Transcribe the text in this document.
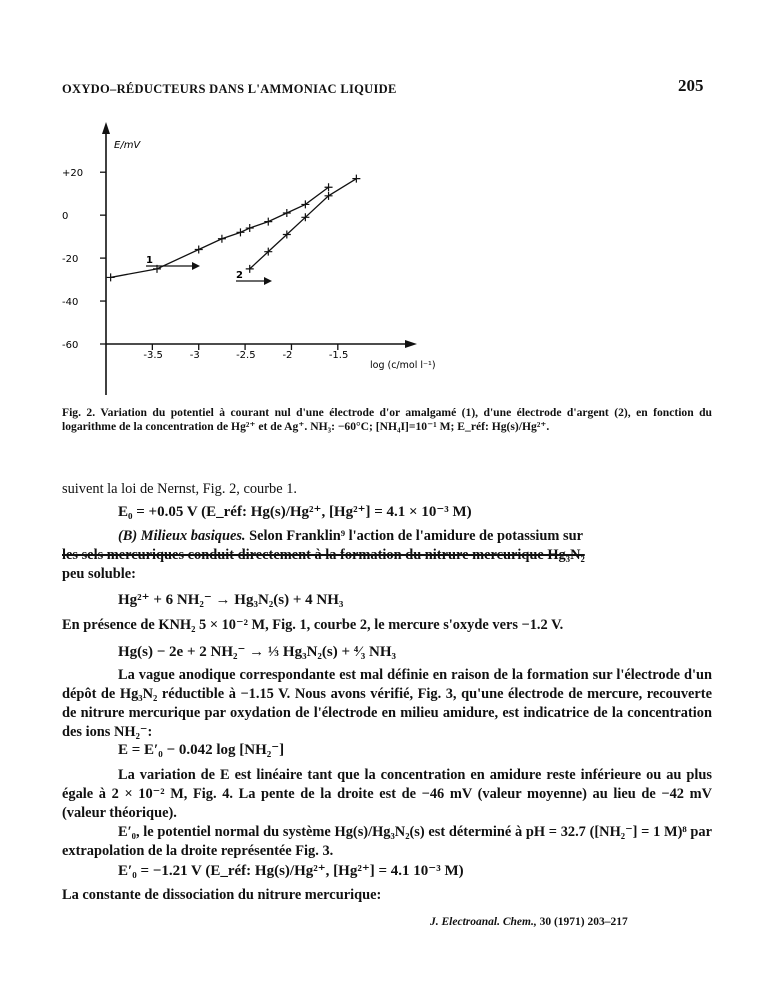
OXYDO–RÉDUCTEURS DANS L'AMMONIAC LIQUIDE	205
E/mV
log (c/mol l⁻¹)
+20
0
-20
-40
-60
-3.5	-3	-2.5	-2	-1.5
1
2
Fig. 2. Variation du potentiel à courant nul d'une électrode d'or amalgamé (1), d'une électrode d'argent (2), en fonction du logarithme de la concentration de Hg²⁺ et de Ag⁺. NH₃: −60°C; [NH₄I]=10⁻¹ M; E_réf: Hg(s)/Hg²⁺.
suivent la loi de Nernst, Fig. 2, courbe 1.
E₀ = +0.05 V (E_réf: Hg(s)/Hg²⁺, [Hg²⁺] = 4.1 × 10⁻³ M)
(B) Milieux basiques. Selon Franklin⁹ l'action de l'amidure de potassium sur
les sels mercuriques conduit directement à la formation du nitrure mercurique Hg₃N₂
peu soluble:
Hg²⁺ + 6 NH₂⁻ → Hg₃N₂(s) + 4 NH₃
En présence de KNH₂ 5 × 10⁻² M, Fig. 1, courbe 2, le mercure s'oxyde vers −1.2 V.
Hg(s) − 2e + 2 NH₂⁻ → ⅓ Hg₃N₂(s) + ⁴⁄₃ NH₃
La vague anodique correspondante est mal définie en raison de la formation sur l'électrode d'un dépôt de Hg₃N₂ réductible à −1.15 V. Nous avons vérifié, Fig. 3, qu'une électrode de mercure, recouverte de nitrure mercurique par oxydation de l'électrode en milieu amidure, est indicatrice de la concentration des ions NH₂⁻:
E = E′₀ − 0.042 log [NH₂⁻]
La variation de E est linéaire tant que la concentration en amidure reste inférieure ou au plus égale à 2 × 10⁻² M, Fig. 4. La pente de la droite est de −46 mV (valeur moyenne) au lieu de −42 mV (valeur théorique).
E′₀, le potentiel normal du système Hg(s)/Hg₃N₂(s) est déterminé à pH = 32.7 ([NH₂⁻] = 1 M)⁸ par extrapolation de la droite représentée Fig. 3.
E′₀ = −1.21 V (E_réf: Hg(s)/Hg²⁺, [Hg²⁺] = 4.1 10⁻³ M)
La constante de dissociation du nitrure mercurique:
J. Electroanal. Chem., 30 (1971) 203–217
